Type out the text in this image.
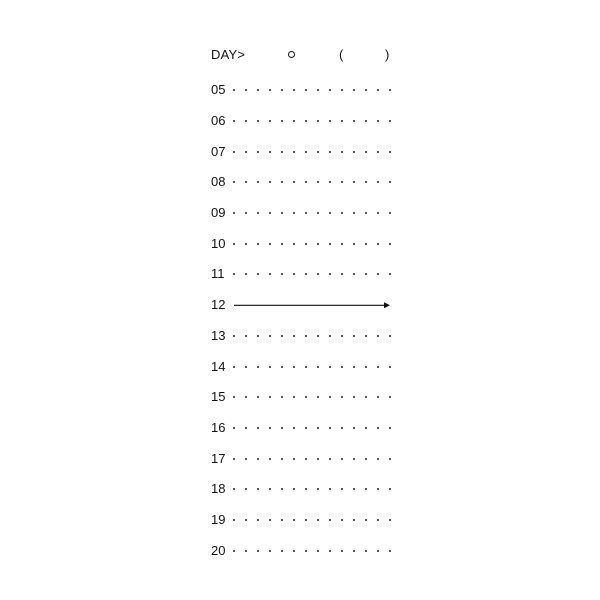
DAY>	(	)
05
06
07
08
09
10
11
12
13
14
15
16
17
18
19
20
